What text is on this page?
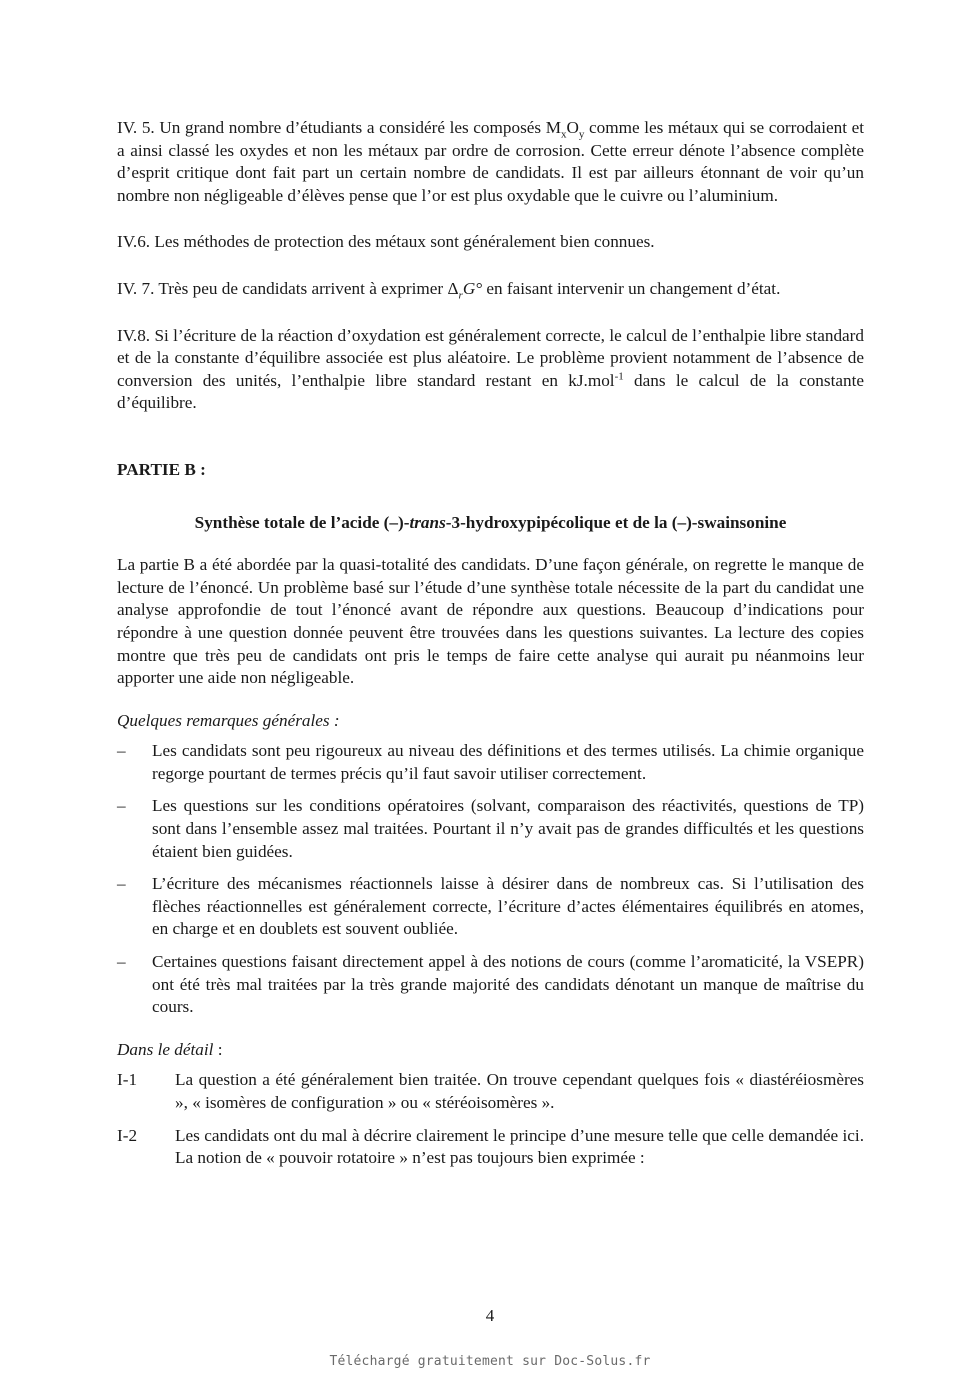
IV. 5. Un grand nombre d’étudiants a considéré les composés $M_xO_y$ comme les métaux qui se corrodaient et a ainsi classé les oxydes et non les métaux par ordre de corrosion. Cette erreur dénote l’absence complète d’esprit critique dont fait part un certain nombre de candidats. Il est par ailleurs étonnant de voir qu’un nombre non négligeable d’élèves pense que l’or est plus oxydable que le cuivre ou l’aluminium.

IV.6. Les méthodes de protection des métaux sont généralement bien connues.

IV. 7. Très peu de candidats arrivent à exprimer $\Delta_rG^\circ$ en faisant intervenir un changement d’état.

IV.8. Si l’écriture de la réaction d’oxydation est généralement correcte, le calcul de l’enthalpie libre standard et de la constante d’équilibre associée est plus aléatoire. Le problème provient notamment de l’absence de conversion des unités, l’enthalpie libre standard restant en kJ.mol$^{-1}$ dans le calcul de la constante d’équilibre.

PARTIE B :

Synthèse totale de l’acide (–)-trans-3-hydroxypipécolique et de la (–)-swainsonine

La partie B a été abordée par la quasi-totalité des candidats. D’une façon générale, on regrette le manque de lecture de l’énoncé. Un problème basé sur l’étude d’une synthèse totale nécessite de la part du candidat une analyse approfondie de tout l’énoncé avant de répondre aux questions. Beaucoup d’indications pour répondre à une question donnée peuvent être trouvées dans les questions suivantes. La lecture des copies montre que très peu de candidats ont pris le temps de faire cette analyse qui aurait pu néanmoins leur apporter une aide non négligeable.

Quelques remarques générales :

– Les candidats sont peu rigoureux au niveau des définitions et des termes utilisés. La chimie organique regorge pourtant de termes précis qu’il faut savoir utiliser correctement.
– Les questions sur les conditions opératoires (solvant, comparaison des réactivités, questions de TP) sont dans l’ensemble assez mal traitées. Pourtant il n’y avait pas de grandes difficultés et les questions étaient bien guidées.
– L’écriture des mécanismes réactionnels laisse à désirer dans de nombreux cas. Si l’utilisation des flèches réactionnelles est généralement correcte, l’écriture d’actes élémentaires équilibrés en atomes, en charge et en doublets est souvent oubliée.
– Certaines questions faisant directement appel à des notions de cours (comme l’aromaticité, la VSEPR) ont été très mal traitées par la très grande majorité des candidats dénotant un manque de maîtrise du cours.

Dans le détail :

I-1 La question a été généralement bien traitée. On trouve cependant quelques fois « diastéréiosmères », « isomères de configuration » ou « stéréoisomères ».
I-2 Les candidats ont du mal à décrire clairement le principe d’une mesure telle que celle demandée ici. La notion de « pouvoir rotatoire » n’est pas toujours bien exprimée :
4
Téléchargé gratuitement sur Doc-Solus.fr
